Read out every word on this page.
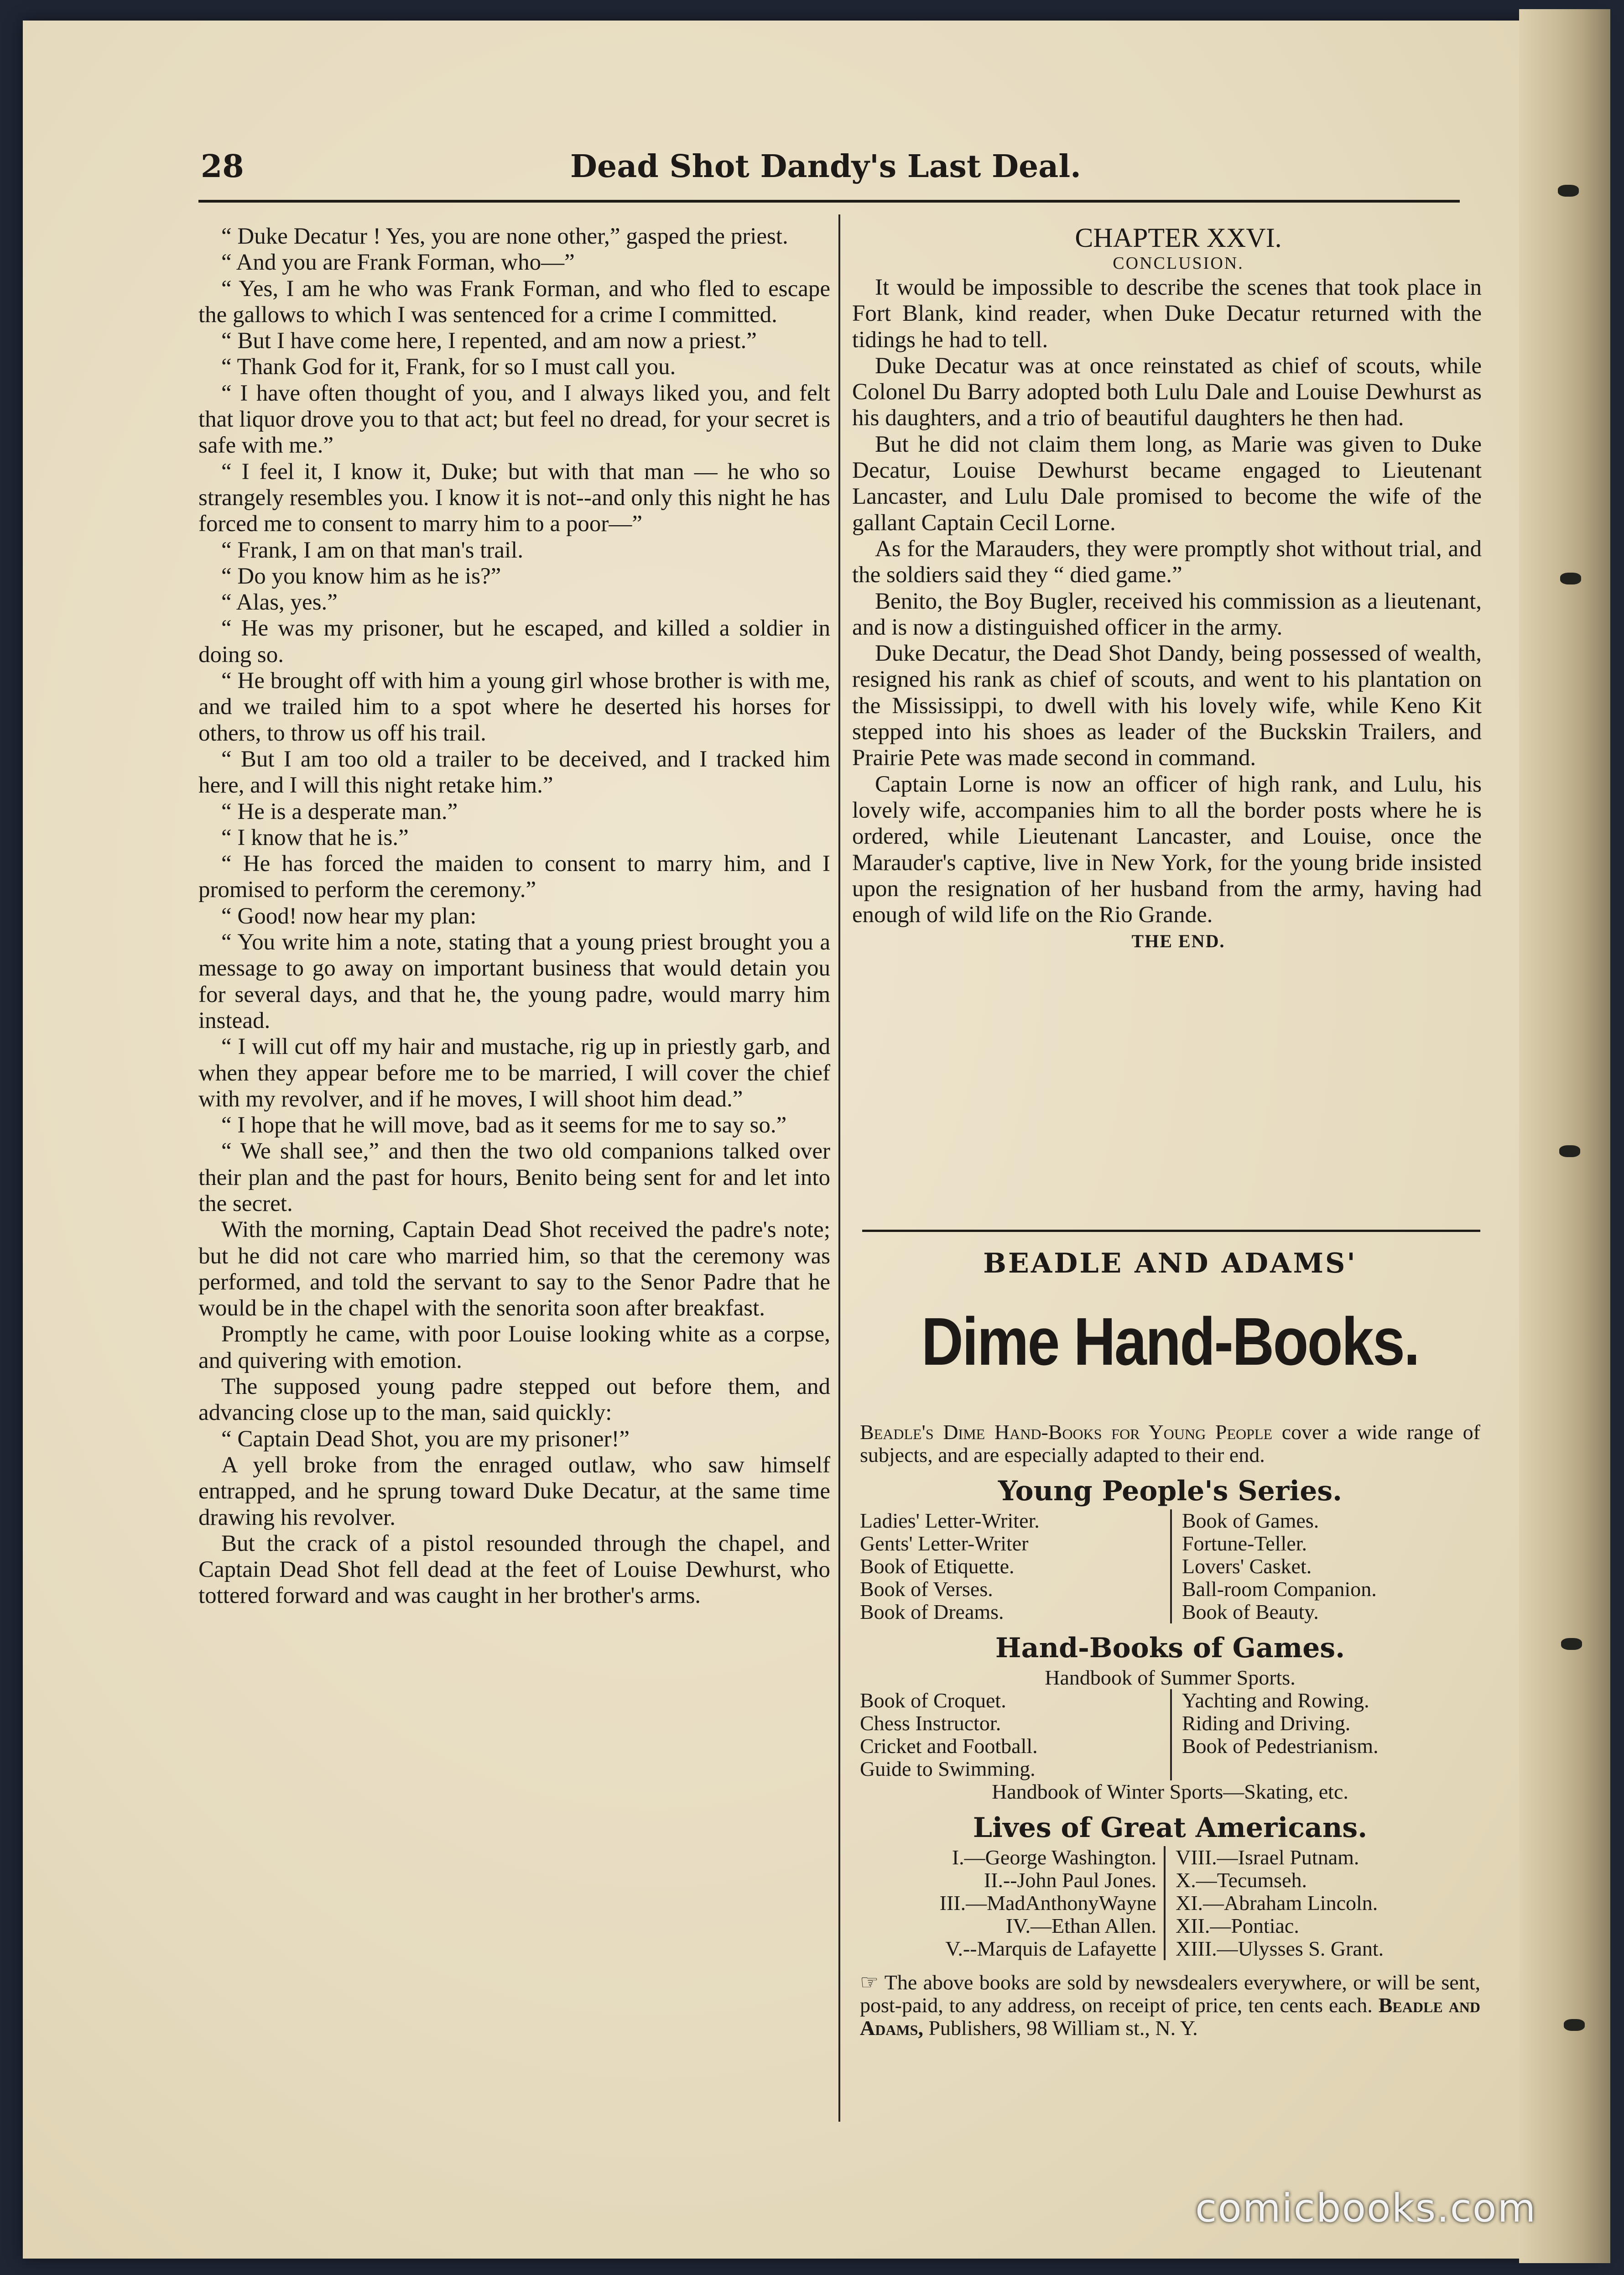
28	Dead Shot Dandy's Last Deal.

“ Duke Decatur ! Yes, you are none other,” gasped the priest.

“ And you are Frank Forman, who—”

“ Yes, I am he who was Frank Forman, and who fled to escape the gallows to which I was sentenced for a crime I committed.

“ But I have come here, I repented, and am now a priest.”

“ Thank God for it, Frank, for so I must call you.

“ I have often thought of you, and I always liked you, and felt that liquor drove you to that act; but feel no dread, for your secret is safe with me.”

“ I feel it, I know it, Duke; but with that man — he who so strangely resembles you. I know it is not--and only this night he has forced me to consent to marry him to a poor—”

“ Frank, I am on that man's trail.

“ Do you know him as he is?”

“ Alas, yes.”

“ He was my prisoner, but he escaped, and killed a soldier in doing so.

“ He brought off with him a young girl whose brother is with me, and we trailed him to a spot where he deserted his horses for others, to throw us off his trail.

“ But I am too old a trailer to be deceived, and I tracked him here, and I will this night retake him.”

“ He is a desperate man.”

“ I know that he is.”

“ He has forced the maiden to consent to marry him, and I promised to perform the ceremony.”

“ Good! now hear my plan:

“ You write him a note, stating that a young priest brought you a message to go away on important business that would detain you for several days, and that he, the young padre, would marry him instead.

“ I will cut off my hair and mustache, rig up in priestly garb, and when they appear before me to be married, I will cover the chief with my revolver, and if he moves, I will shoot him dead.”

“ I hope that he will move, bad as it seems for me to say so.”

“ We shall see,” and then the two old companions talked over their plan and the past for hours, Benito being sent for and let into the secret.

With the morning, Captain Dead Shot received the padre's note; but he did not care who married him, so that the ceremony was performed, and told the servant to say to the Senor Padre that he would be in the chapel with the senorita soon after breakfast.

Promptly he came, with poor Louise looking white as a corpse, and quivering with emotion.

The supposed young padre stepped out before them, and advancing close up to the man, said quickly:

“ Captain Dead Shot, you are my prisoner!”

A yell broke from the enraged outlaw, who saw himself entrapped, and he sprung toward Duke Decatur, at the same time drawing his revolver.

But the crack of a pistol resounded through the chapel, and Captain Dead Shot fell dead at the feet of Louise Dewhurst, who tottered forward and was caught in her brother's arms.

CHAPTER XXVI.

CONCLUSION.

It would be impossible to describe the scenes that took place in Fort Blank, kind reader, when Duke Decatur returned with the tidings he had to tell.

Duke Decatur was at once reinstated as chief of scouts, while Colonel Du Barry adopted both Lulu Dale and Louise Dewhurst as his daughters, and a trio of beautiful daughters he then had.

But he did not claim them long, as Marie was given to Duke Decatur, Louise Dewhurst became engaged to Lieutenant Lancaster, and Lulu Dale promised to become the wife of the gallant Captain Cecil Lorne.

As for the Marauders, they were promptly shot without trial, and the soldiers said they “ died game.”

Benito, the Boy Bugler, received his commission as a lieutenant, and is now a distinguished officer in the army.

Duke Decatur, the Dead Shot Dandy, being possessed of wealth, resigned his rank as chief of scouts, and went to his plantation on the Mississippi, to dwell with his lovely wife, while Keno Kit stepped into his shoes as leader of the Buckskin Trailers, and Prairie Pete was made second in command.

Captain Lorne is now an officer of high rank, and Lulu, his lovely wife, accompanies him to all the border posts where he is ordered, while Lieutenant Lancaster, and Louise, once the Marauder's captive, live in New York, for the young bride insisted upon the resignation of her husband from the army, having had enough of wild life on the Rio Grande.

THE END.

BEADLE AND ADAMS'
Dime Hand-Books.

Beadle's Dime Hand-Books for Young People cover a wide range of subjects, and are especially adapted to their end.

Young People's Series.
Ladies' Letter-Writer.
Gents' Letter-Writer
Book of Etiquette.
Book of Verses.
Book of Dreams.
Book of Games.
Fortune-Teller.
Lovers' Casket.
Ball-room Companion.
Book of Beauty.
Hand-Books of Games.
Handbook of Summer Sports.
Book of Croquet.
Chess Instructor.
Cricket and Football.
Guide to Swimming.
Yachting and Rowing.
Riding and Driving.
Book of Pedestrianism.
Handbook of Winter Sports—Skating, etc.
Lives of Great Americans.
I.—George Washington.
II.--John Paul Jones.
III.—MadAnthonyWayne
IV.—Ethan Allen.
V.--Marquis de Lafayette
VIII.—Israel Putnam.
X.—Tecumseh.
XI.—Abraham Lincoln.
XII.—Pontiac.
XIII.—Ulysses S. Grant.

☞ The above books are sold by newsdealers everywhere, or will be sent, post-paid, to any address, on receipt of price, ten cents each. Beadle and Adams, Publishers, 98 William st., N. Y.

comicbooks.com
